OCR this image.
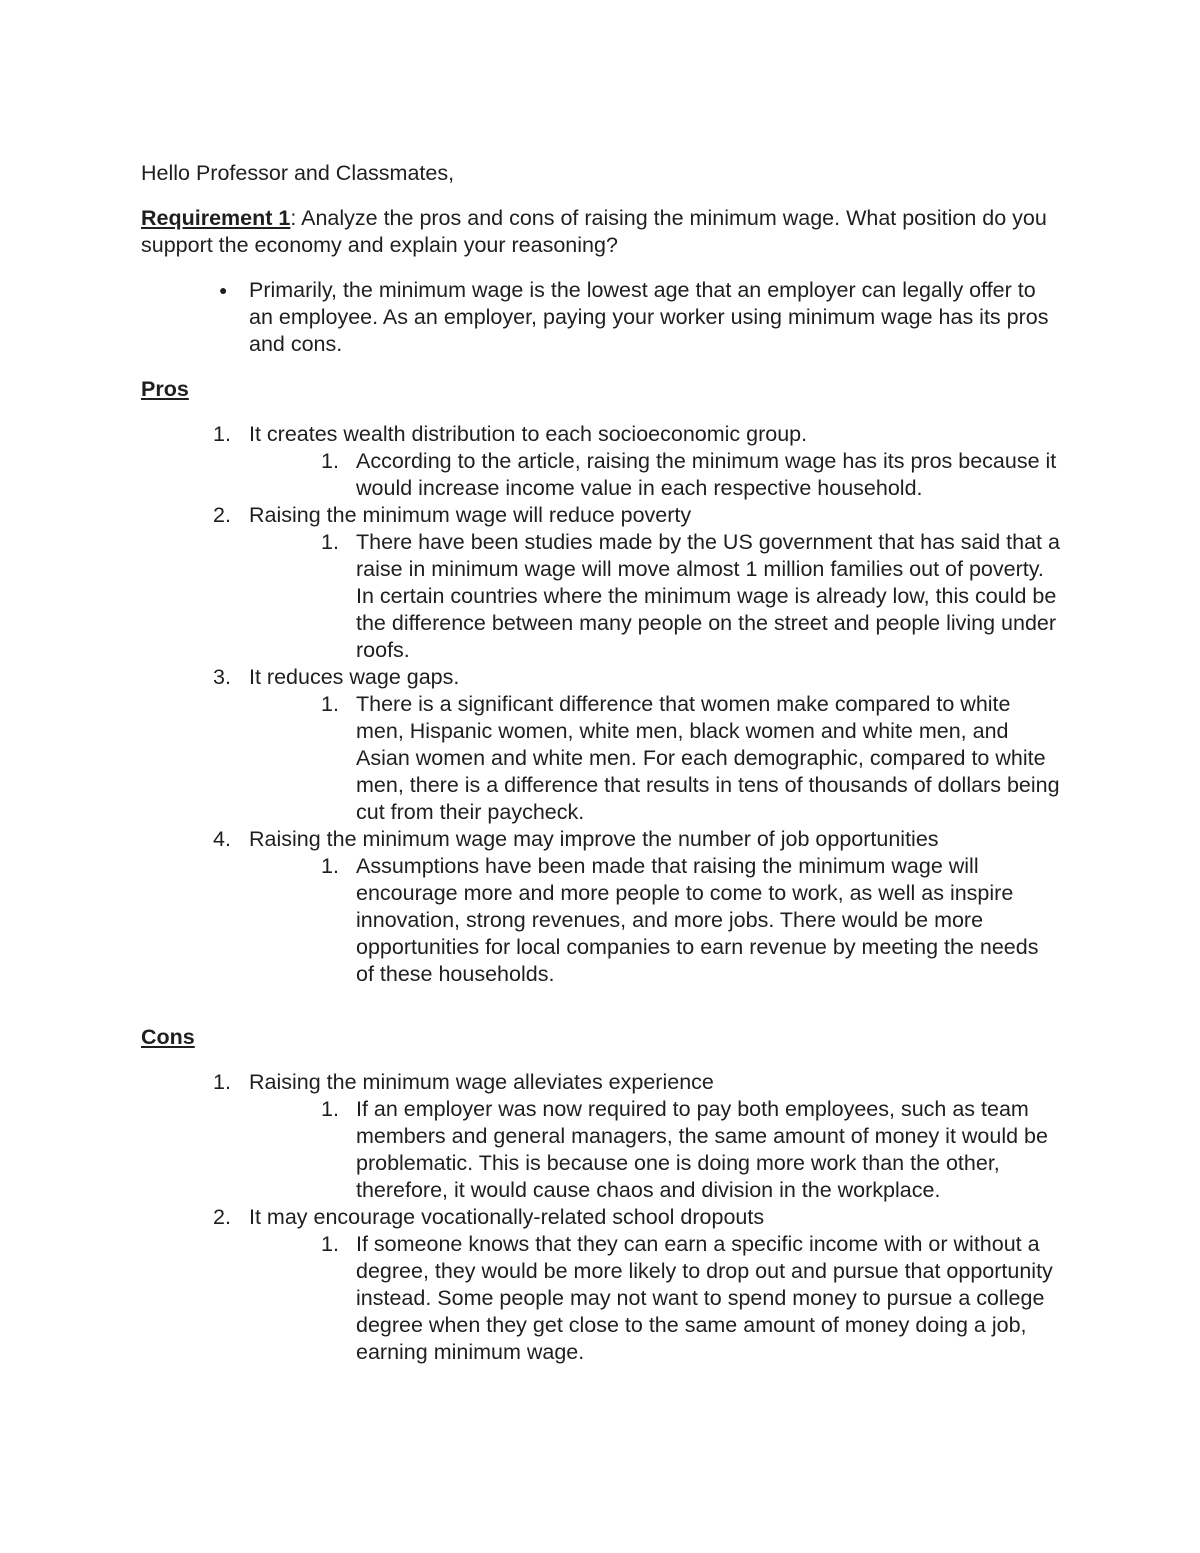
Hello Professor and Classmates,

Requirement 1: Analyze the pros and cons of raising the minimum wage. What position do you support the economy and explain your reasoning?

● Primarily, the minimum wage is the lowest age that an employer can legally offer to an employee. As an employer, paying your worker using minimum wage has its pros and cons.

Pros

1. It creates wealth distribution to each socioeconomic group.
1. According to the article, raising the minimum wage has its pros because it would increase income value in each respective household.
2. Raising the minimum wage will reduce poverty
1. There have been studies made by the US government that has said that a raise in minimum wage will move almost 1 million families out of poverty. In certain countries where the minimum wage is already low, this could be the difference between many people on the street and people living under roofs.
3. It reduces wage gaps.
1. There is a significant difference that women make compared to white men, Hispanic women, white men, black women and white men, and Asian women and white men. For each demographic, compared to white men, there is a difference that results in tens of thousands of dollars being cut from their paycheck.
4. Raising the minimum wage may improve the number of job opportunities
1. Assumptions have been made that raising the minimum wage will encourage more and more people to come to work, as well as inspire innovation, strong revenues, and more jobs. There would be more opportunities for local companies to earn revenue by meeting the needs of these households.

Cons

1. Raising the minimum wage alleviates experience
1. If an employer was now required to pay both employees, such as team members and general managers, the same amount of money it would be problematic. This is because one is doing more work than the other, therefore, it would cause chaos and division in the workplace.
2. It may encourage vocationally-related school dropouts
1. If someone knows that they can earn a specific income with or without a degree, they would be more likely to drop out and pursue that opportunity instead. Some people may not want to spend money to pursue a college degree when they get close to the same amount of money doing a job, earning minimum wage.
